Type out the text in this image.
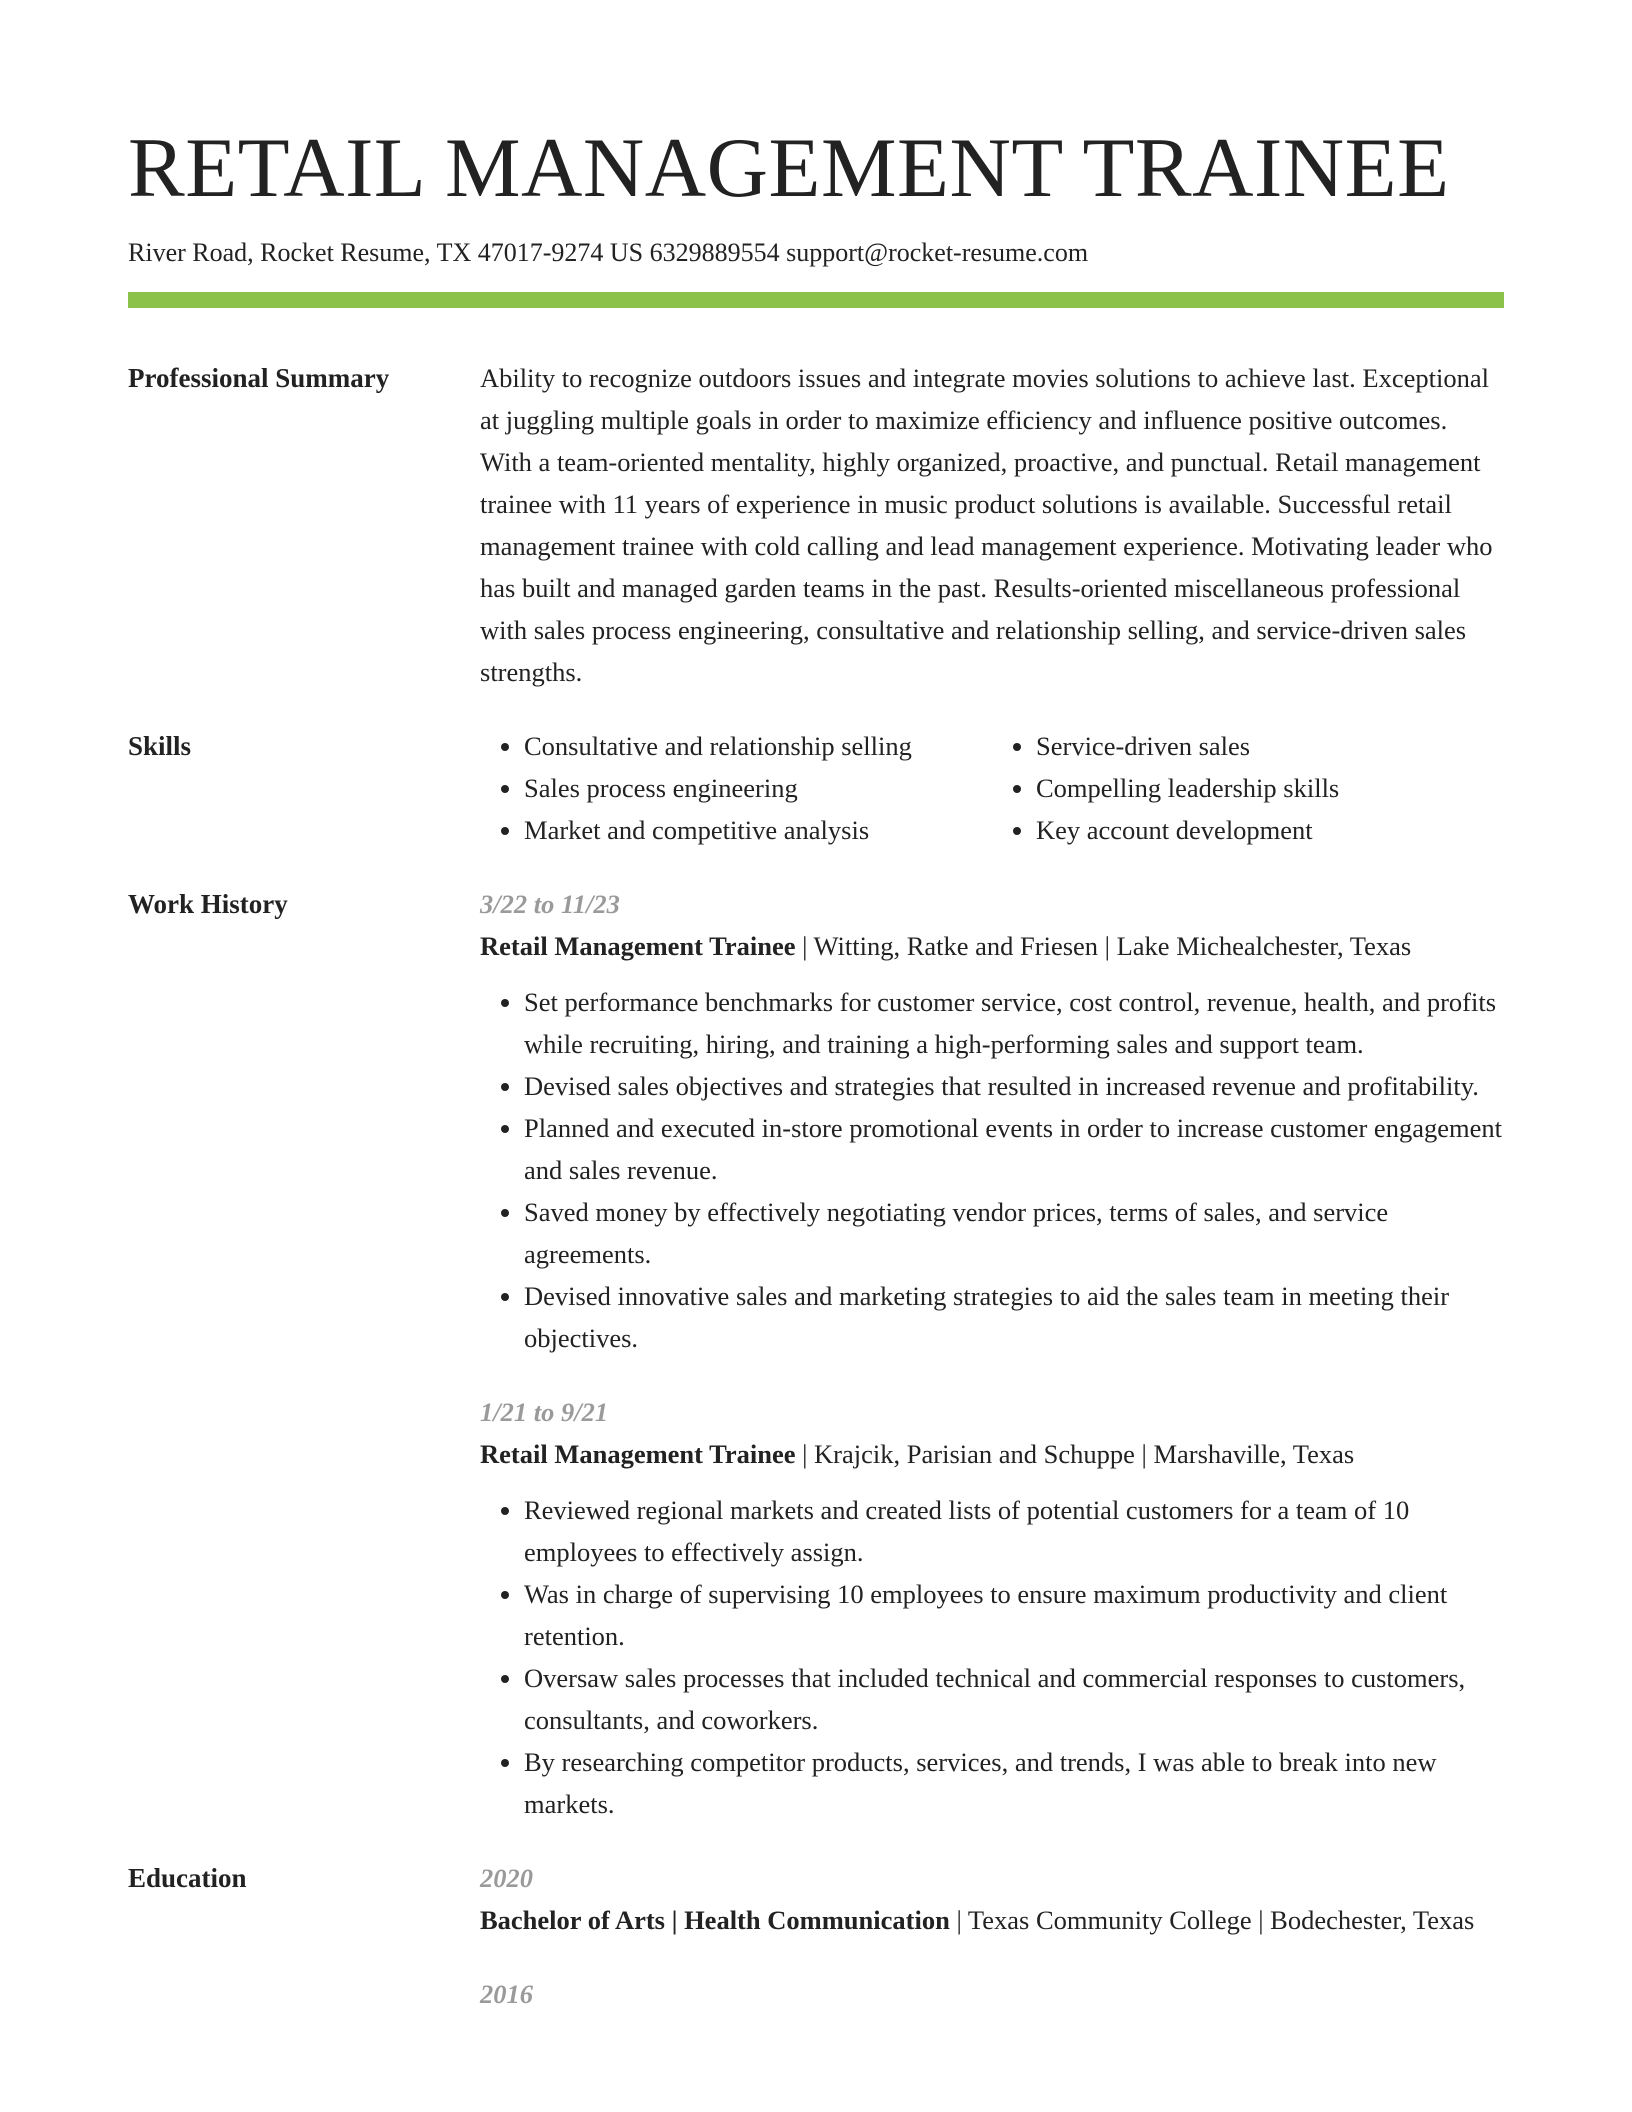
RETAIL MANAGEMENT TRAINEE
River Road, Rocket Resume, TX 47017-9274 US 6329889554 support@rocket-resume.com
Professional Summary	Ability to recognize outdoors issues and integrate movies solutions to achieve last. Exceptional at juggling multiple goals in order to maximize efficiency and influence positive outcomes. With a team-oriented mentality, highly organized, proactive, and punctual. Retail management trainee with 11 years of experience in music product solutions is available. Successful retail management trainee with cold calling and lead management experience. Motivating leader who has built and managed garden teams in the past. Results-oriented miscellaneous professional with sales process engineering, consultative and relationship selling, and service-driven sales strengths.
Skills
•	Consultative and relationship selling
• Sales process engineering
• Market and competitive analysis
• Service-driven sales
• Compelling leadership skills
• Key account development
Work History	3/22 to 11/23
Retail Management Trainee | Witting, Ratke and Friesen | Lake Michealchester, Texas
• Set performance benchmarks for customer service, cost control, revenue, health, and profits while recruiting, hiring, and training a high-performing sales and support team.
• Devised sales objectives and strategies that resulted in increased revenue and profitability.
• Planned and executed in-store promotional events in order to increase customer engagement and sales revenue.
• Saved money by effectively negotiating vendor prices, terms of sales, and service agreements.
• Devised innovative sales and marketing strategies to aid the sales team in meeting their objectives.
1/21 to 9/21
Retail Management Trainee | Krajcik, Parisian and Schuppe | Marshaville, Texas
• Reviewed regional markets and created lists of potential customers for a team of 10 employees to effectively assign.
• Was in charge of supervising 10 employees to ensure maximum productivity and client retention.
• Oversaw sales processes that included technical and commercial responses to customers, consultants, and coworkers.
• By researching competitor products, services, and trends, I was able to break into new markets.
Education	2020
Bachelor of Arts | Health Communication | Texas Community College | Bodechester, Texas
2016
